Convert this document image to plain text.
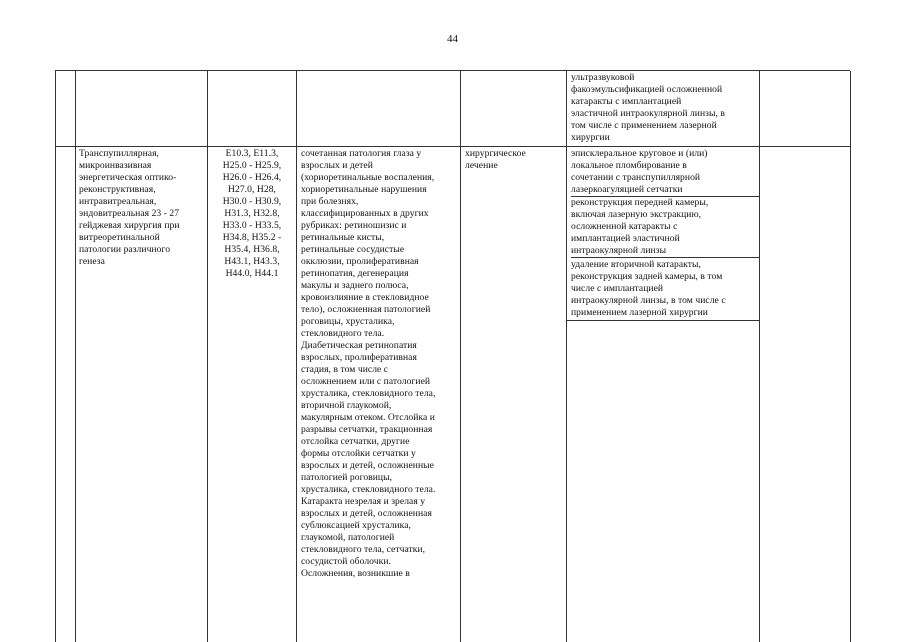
44
ультразвуковой
факоэмульсификацией осложненной
катаракты с имплантацией
эластичной интраокулярной линзы, в
том числе с применением лазерной
хирургии
Транспупиллярная,
микроинвазивная
энергетическая оптико-
реконструктивная,
интравитреальная,
эндовитреальная 23 - 27
гейджевая хирургия при
витреоретинальной
патологии различного
генеза
E10.3, E11.3,
H25.0 - H25.9,
H26.0 - H26.4,
H27.0, H28,
H30.0 - H30.9,
H31.3, H32.8,
H33.0 - H33.5,
H34.8, H35.2 -
H35.4, H36.8,
H43.1, H43.3,
H44.0, H44.1
сочетанная патология глаза у
взрослых и детей
(хориоретинальные воспаления,
хориоретинальные нарушения
при болезнях,
классифицированных в других
рубриках: ретиношизис и
ретинальные кисты,
ретинальные сосудистые
окклюзии, пролиферативная
ретинопатия, дегенерация
макулы и заднего полюса,
кровоизлияние в стекловидное
тело), осложненная патологией
роговицы, хрусталика,
стекловидного тела.
Диабетическая ретинопатия
взрослых, пролиферативная
стадия, в том числе с
осложнением или с патологией
хрусталика, стекловидного тела,
вторичной глаукомой,
макулярным отеком. Отслойка и
разрывы сетчатки, тракционная
отслойка сетчатки, другие
формы отслойки сетчатки у
взрослых и детей, осложненные
патологией роговицы,
хрусталика, стекловидного тела.
Катаракта незрелая и зрелая у
взрослых и детей, осложненная
сублюксацией хрусталика,
глаукомой, патологией
стекловидного тела, сетчатки,
сосудистой оболочки.
Осложнения, возникшие в
хирургическое
лечение
эписклеральное круговое и (или)
локальное пломбирование в
сочетании с транспупиллярной
лазеркоагуляцией сетчатки
реконструкция передней камеры,
включая лазерную экстракцию,
осложненной катаракты с
имплантацией эластичной
интраокулярной линзы
удаление вторичной катаракты,
реконструкция задней камеры, в том
числе с имплантацией
интраокулярной линзы, в том числе с
применением лазерной хирургии
